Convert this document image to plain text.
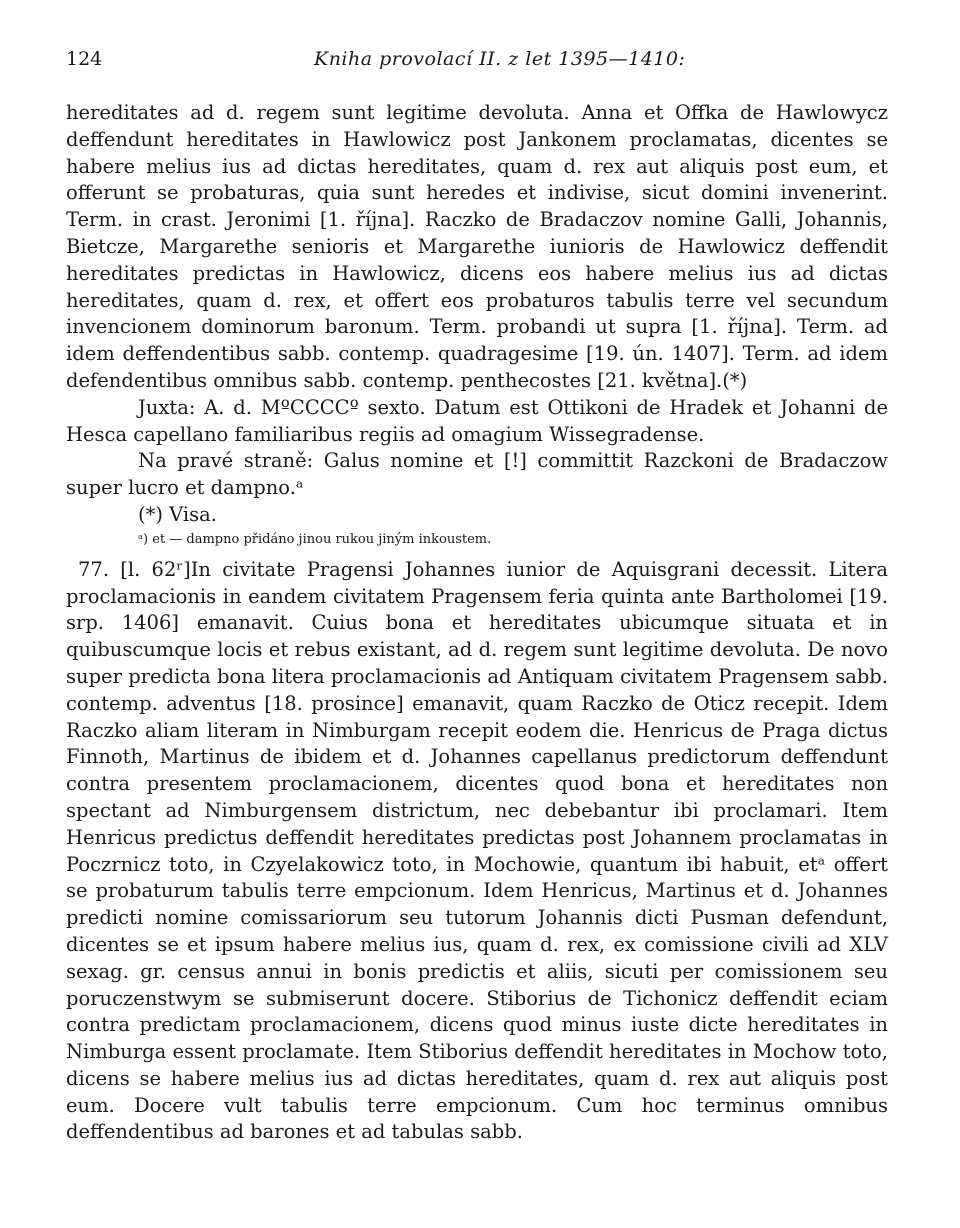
124	Kniha provolací II. z let 1395—1410:

hereditates ad d. regem sunt legitime devoluta. Anna et Offka de Hawlowycz deffendunt hereditates in Hawlowicz post Jankonem proclamatas, dicentes se habere melius ius ad dictas hereditates, quam d. rex aut aliquis post eum, et offerunt se probaturas, quia sunt heredes et indivise, sicut domini invenerint. Term. in crast. Jeronimi [1. října]. Raczko de Bradaczov nomine Galli, Johannis, Bietcze, Margarethe senioris et Margarethe iunioris de Hawlowicz deffendit hereditates predictas in Hawlowicz, dicens eos habere melius ius ad dictas hereditates, quam d. rex, et offert eos probaturos tabulis terre vel secundum invencionem dominorum baronum. Term. probandi ut supra [1. října]. Term. ad idem deffendentibus sabb. contemp. quadragesime [19. ún. 1407]. Term. ad idem defendentibus omnibus sabb. contemp. penthecostes [21. května].(*)

Juxta: A. d. MºCCCCº sexto. Datum est Ottikoni de Hradek et Johanni de Hesca capellano familiaribus regiis ad omagium Wissegradense.

Na pravé straně: Galus nomine et [!] committit Razckoni de Bradaczow super lucro et dampno.ᵃ

(*) Visa.

ᵃ) et — dampno přidáno jinou rukou jiným inkoustem.

77. [l. 62ʳ]In civitate Pragensi Johannes iunior de Aquisgrani decessit. Litera proclamacionis in eandem civitatem Pragensem feria quinta ante Bartholomei [19. srp. 1406] emanavit. Cuius bona et hereditates ubicumque situata et in quibuscumque locis et rebus existant, ad d. regem sunt legitime devoluta. De novo super predicta bona litera proclamacionis ad Antiquam civitatem Pragensem sabb. contemp. adventus [18. prosince] emanavit, quam Raczko de Oticz recepit. Idem Raczko aliam literam in Nimburgam recepit eodem die. Henricus de Praga dictus Finnoth, Martinus de ibidem et d. Johannes capellanus predictorum deffendunt contra presentem proclamacionem, dicentes quod bona et hereditates non spectant ad Nimburgensem districtum, nec debebantur ibi proclamari. Item Henricus predictus deffendit hereditates predictas post Johannem proclamatas in Poczrnicz toto, in Czyelakowicz toto, in Mochowie, quantum ibi habuit, etᵃ offert se probaturum tabulis terre empcionum. Idem Henricus, Martinus et d. Johannes predicti nomine comissariorum seu tutorum Johannis dicti Pusman defendunt, dicentes se et ipsum habere melius ius, quam d. rex, ex comissione civili ad XLV sexag. gr. census annui in bonis predictis et aliis, sicuti per comissionem seu poruczenstwym se submiserunt docere. Stiborius de Tichonicz deffendit eciam contra predictam proclamacionem, dicens quod minus iuste dicte hereditates in Nimburga essent proclamate. Item Stiborius deffendit hereditates in Mochow toto, dicens se habere melius ius ad dictas hereditates, quam d. rex aut aliquis post eum. Docere vult tabulis terre empcionum. Cum hoc terminus omnibus deffendentibus ad barones et ad tabulas sabb.
